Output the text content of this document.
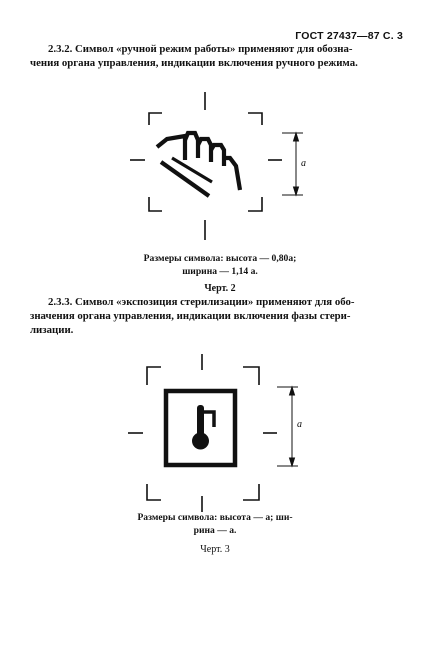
ГОСТ 27437—87 С. 3
2.3.2. Символ «ручной режим работы» применяют для обозна-
чения органа управления, индикации включения ручного режима.
a
a
Размеры символа: высота — 0,80a;
ширина — 1,14 a.
Черт. 2
2.3.3. Символ «экспозиция стерилизации» применяют для обо-
значения органа управления, индикации включения фазы стери-
лизации.
Размеры символа: высота — a; ши-
рина — a.
Черт. 3
